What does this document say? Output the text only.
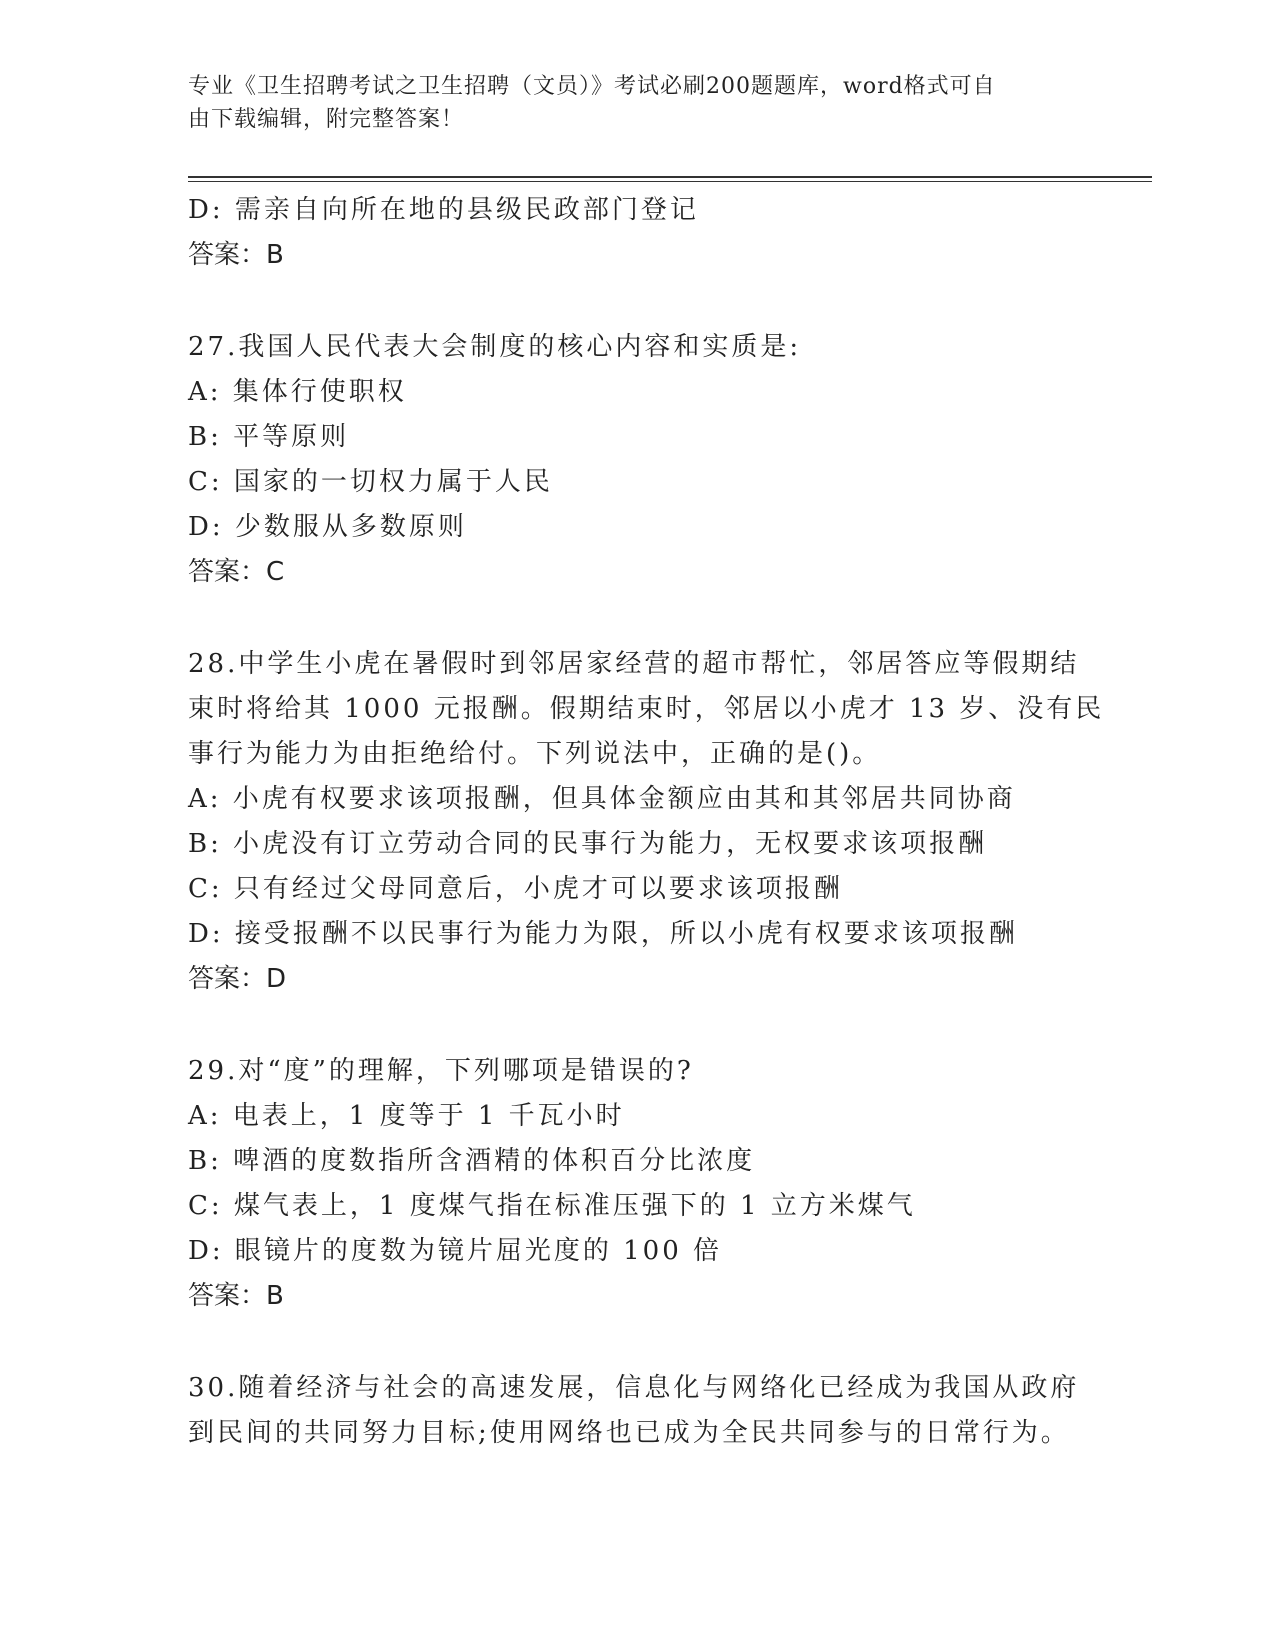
专业《卫生招聘考试之卫生招聘（文员）》考试必刷200题题库，word格式可自
由下载编辑，附完整答案！
D: 需亲自向所在地的县级民政部门登记
答案：B
27.我国人民代表大会制度的核心内容和实质是:
A: 集体行使职权
B: 平等原则
C: 国家的一切权力属于人民
D: 少数服从多数原则
答案：C
28.中学生小虎在暑假时到邻居家经营的超市帮忙，邻居答应等假期结
束时将给其 1000 元报酬。假期结束时，邻居以小虎才 13 岁、没有民
事行为能力为由拒绝给付。下列说法中，正确的是()。
A: 小虎有权要求该项报酬，但具体金额应由其和其邻居共同协商
B: 小虎没有订立劳动合同的民事行为能力，无权要求该项报酬
C: 只有经过父母同意后，小虎才可以要求该项报酬
D: 接受报酬不以民事行为能力为限，所以小虎有权要求该项报酬
答案：D
29.对“度”的理解，下列哪项是错误的?
A: 电表上，1 度等于 1 千瓦小时
B: 啤酒的度数指所含酒精的体积百分比浓度
C: 煤气表上，1 度煤气指在标准压强下的 1 立方米煤气
D: 眼镜片的度数为镜片屈光度的 100 倍
答案：B
30.随着经济与社会的高速发展，信息化与网络化已经成为我国从政府
到民间的共同努力目标;使用网络也已成为全民共同参与的日常行为。
